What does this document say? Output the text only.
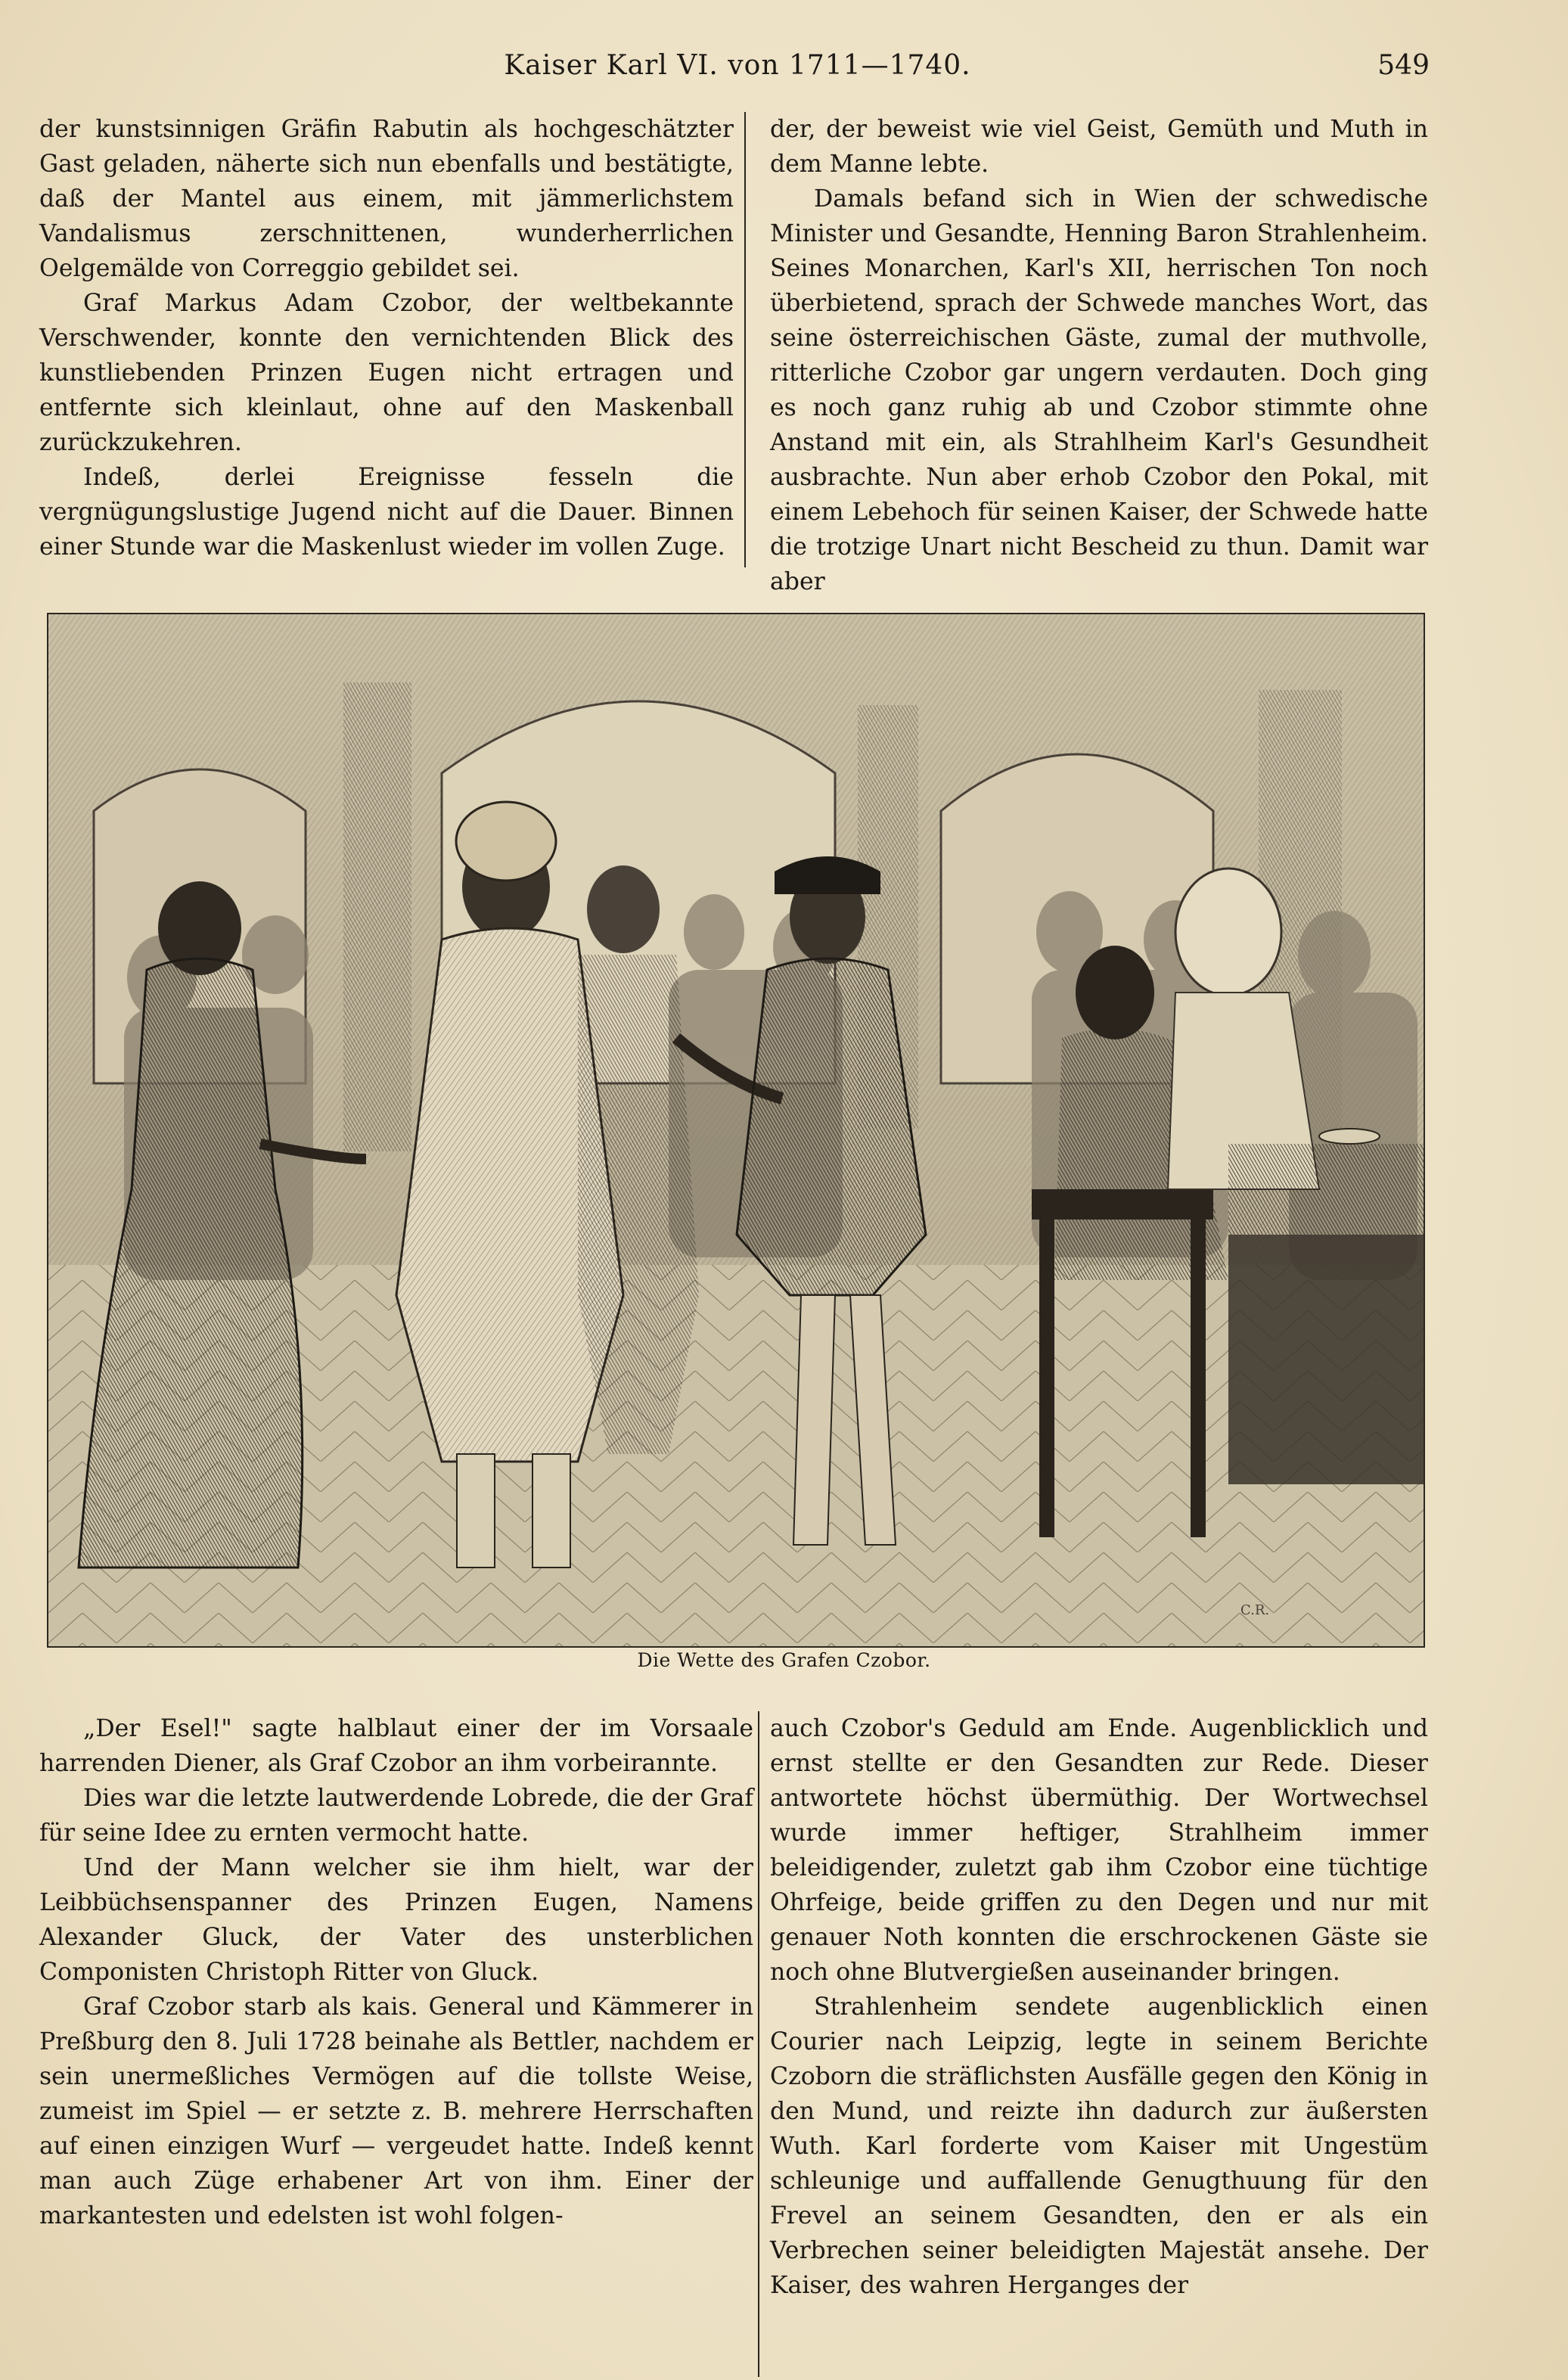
Kaiser Karl VI. von 1711—1740.	549

der kunstsinnigen Gräfin Rabutin als hochgeschätzter Gast geladen, näherte sich nun ebenfalls und bestätigte, daß der Mantel aus einem, mit jämmerlichstem Vandalismus zerschnittenen, wunderherrlichen Oelgemälde von Correggio gebildet sei.

Graf Markus Adam Czobor, der weltbekannte Verschwender, konnte den vernichtenden Blick des kunstliebenden Prinzen Eugen nicht ertragen und entfernte sich kleinlaut, ohne auf den Maskenball zurückzukehren.

Indeß, derlei Ereignisse fesseln die vergnügungslustige Jugend nicht auf die Dauer. Binnen einer Stunde war die Maskenlust wieder im vollen Zuge.

der, der beweist wie viel Geist, Gemüth und Muth in dem Manne lebte.

Damals befand sich in Wien der schwedische Minister und Gesandte, Henning Baron Strahlenheim. Seines Monarchen, Karl's XII, herrischen Ton noch überbietend, sprach der Schwede manches Wort, das seine österreichischen Gäste, zumal der muthvolle, ritterliche Czobor gar ungern verdauten. Doch ging es noch ganz ruhig ab und Czobor stimmte ohne Anstand mit ein, als Strahlheim Karl's Gesundheit ausbrachte. Nun aber erhob Czobor den Pokal, mit einem Lebehoch für seinen Kaiser, der Schwede hatte die trotzige Unart nicht Bescheid zu thun. Damit war aber

C.R.
Die Wette des Grafen Czobor.

„Der Esel!" sagte halblaut einer der im Vorsaale harrenden Diener, als Graf Czobor an ihm vorbeirannte.

Dies war die letzte lautwerdende Lobrede, die der Graf für seine Idee zu ernten vermocht hatte.

Und der Mann welcher sie ihm hielt, war der Leibbüchsenspanner des Prinzen Eugen, Namens Alexander Gluck, der Vater des unsterblichen Componisten Christoph Ritter von Gluck.

Graf Czobor starb als kais. General und Kämmerer in Preßburg den 8. Juli 1728 beinahe als Bettler, nachdem er sein unermeßliches Vermögen auf die tollste Weise, zumeist im Spiel — er setzte z. B. mehrere Herrschaften auf einen einzigen Wurf — vergeudet hatte. Indeß kennt man auch Züge erhabener Art von ihm. Einer der markantesten und edelsten ist wohl folgen-

auch Czobor's Geduld am Ende. Augenblicklich und ernst stellte er den Gesandten zur Rede. Dieser antwortete höchst übermüthig. Der Wortwechsel wurde immer heftiger, Strahlheim immer beleidigender, zuletzt gab ihm Czobor eine tüchtige Ohrfeige, beide griffen zu den Degen und nur mit genauer Noth konnten die erschrockenen Gäste sie noch ohne Blutvergießen auseinander bringen.

Strahlenheim sendete augenblicklich einen Courier nach Leipzig, legte in seinem Berichte Czoborn die sträflichsten Ausfälle gegen den König in den Mund, und reizte ihn dadurch zur äußersten Wuth. Karl forderte vom Kaiser mit Ungestüm schleunige und auffallende Genugthuung für den Frevel an seinem Gesandten, den er als ein Verbrechen seiner beleidigten Majestät ansehe. Der Kaiser, des wahren Herganges der
